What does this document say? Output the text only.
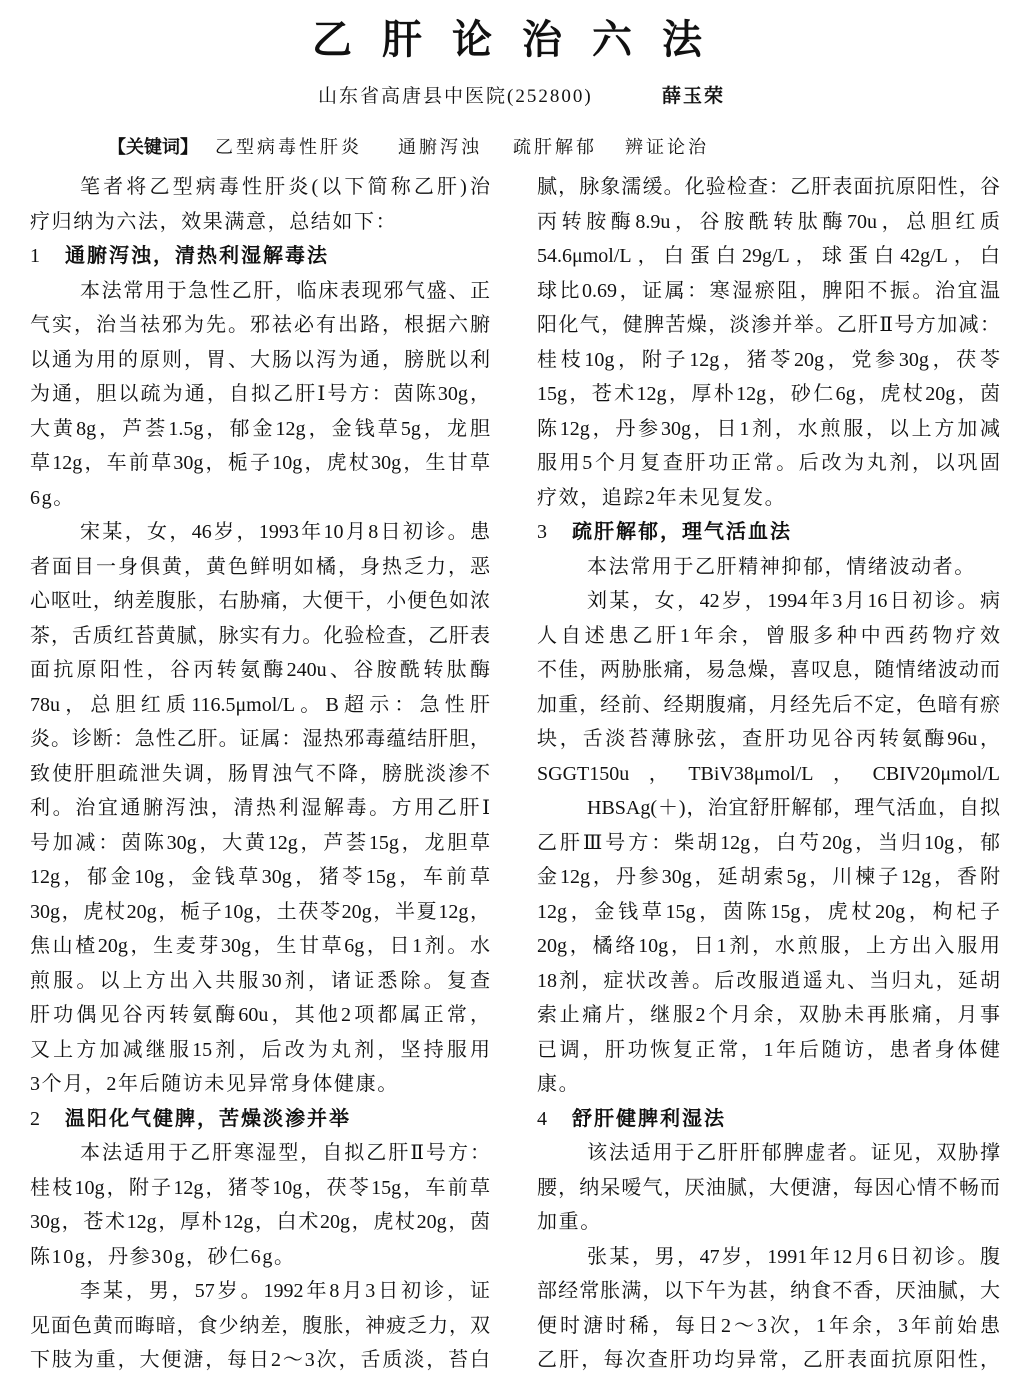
乙肝论治六法
山东省高唐县中医院(252800)	薛玉荣
【关键词】 乙型病毒性肝炎 通腑泻浊 疏肝解郁 辨证论治
笔者将乙型病毒性肝炎(以下简称乙肝)治
疗归纳为六法，效果满意，总结如下：
1 通腑泻浊，清热利湿解毒法
本法常用于急性乙肝，临床表现邪气盛、正
气实，治当祛邪为先。邪祛必有出路，根据六腑
以通为用的原则，胃、大肠以泻为通，膀胱以利
为通，胆以疏为通，自拟乙肝Ⅰ号方：茵陈30g，
大黄8g，芦荟1.5g，郁金12g，金钱草5g，龙胆
草12g，车前草30g，栀子10g，虎杖30g，生甘草
6g。
宋某，女，46岁，1993年10月8日初诊。患
者面目一身俱黄，黄色鲜明如橘，身热乏力，恶
心呕吐，纳差腹胀，右胁痛，大便干，小便色如浓
茶，舌质红苔黄腻，脉实有力。化验检查，乙肝表
面抗原阳性，谷丙转氨酶240u、谷胺酰转肽酶
78u，总胆红质116.5μmol/L。B超示：急性肝
炎。诊断：急性乙肝。证属：湿热邪毒蕴结肝胆，
致使肝胆疏泄失调，肠胃浊气不降，膀胱淡渗不
利。治宜通腑泻浊，清热利湿解毒。方用乙肝Ⅰ
号加减：茵陈30g，大黄12g，芦荟15g，龙胆草
12g，郁金10g，金钱草30g，猪苓15g，车前草
30g，虎杖20g，栀子10g，土茯苓20g，半夏12g，
焦山楂20g，生麦芽30g，生甘草6g，日1剂。水
煎服。以上方出入共服30剂，诸证悉除。复查
肝功偶见谷丙转氨酶60u，其他2项都属正常，
又上方加减继服15剂，后改为丸剂，坚持服用
3个月，2年后随访未见异常身体健康。
2 温阳化气健脾，苦燥淡渗并举
本法适用于乙肝寒湿型，自拟乙肝Ⅱ号方：
桂枝10g，附子12g，猪苓10g，茯苓15g，车前草
30g，苍术12g，厚朴12g，白术20g，虎杖20g，茵
陈10g，丹参30g，砂仁6g。
李某，男，57岁。1992年8月3日初诊，证
见面色黄而晦暗，食少纳差，腹胀，神疲乏力，双
下肢为重，大便溏，每日2～3次，舌质淡，苔白
腻，脉象濡缓。化验检查：乙肝表面抗原阳性，谷
丙转胺酶8.9u，谷胺酰转肽酶70u，总胆红质
54.6μmol/L，白蛋白29g/L，球蛋白42g/L，白
球比0.69，证属：寒湿瘀阻，脾阳不振。治宜温
阳化气，健脾苦燥，淡渗并举。乙肝Ⅱ号方加减：
桂枝10g，附子12g，猪苓20g，党参30g，茯苓
15g，苍术12g，厚朴12g，砂仁6g，虎杖20g，茵
陈12g，丹参30g，日1剂，水煎服，以上方加减
服用5个月复查肝功正常。后改为丸剂，以巩固
疗效，追踪2年未见复发。
3 疏肝解郁，理气活血法
本法常用于乙肝精神抑郁，情绪波动者。
刘某，女，42岁，1994年3月16日初诊。病
人自述患乙肝1年余，曾服多种中西药物疗效
不佳，两胁胀痛，易急燥，喜叹息，随情绪波动而
加重，经前、经期腹痛，月经先后不定，色暗有瘀
块，舌淡苔薄脉弦，查肝功见谷丙转氨酶96u，
SGGT150u，TBiV38μmol/L，CBIV20μmol/L
HBSAg(＋)，治宜舒肝解郁，理气活血，自拟
乙肝Ⅲ号方：柴胡12g，白芍20g，当归10g，郁
金12g，丹参30g，延胡索5g，川楝子12g，香附
12g，金钱草15g，茵陈15g，虎杖20g，枸杞子
20g，橘络10g，日1剂，水煎服，上方出入服用
18剂，症状改善。后改服逍遥丸、当归丸，延胡
索止痛片，继服2个月余，双胁未再胀痛，月事
已调，肝功恢复正常，1年后随访，患者身体健
康。
4 舒肝健脾利湿法
该法适用于乙肝肝郁脾虚者。证见，双胁撑
腰，纳呆嗳气，厌油腻，大便溏，每因心情不畅而
加重。
张某，男，47岁，1991年12月6日初诊。腹
部经常胀满，以下午为甚，纳食不香，厌油腻，大
便时溏时稀，每日2～3次，1年余，3年前始患
乙肝，每次查肝功均异常，乙肝表面抗原阳性，
